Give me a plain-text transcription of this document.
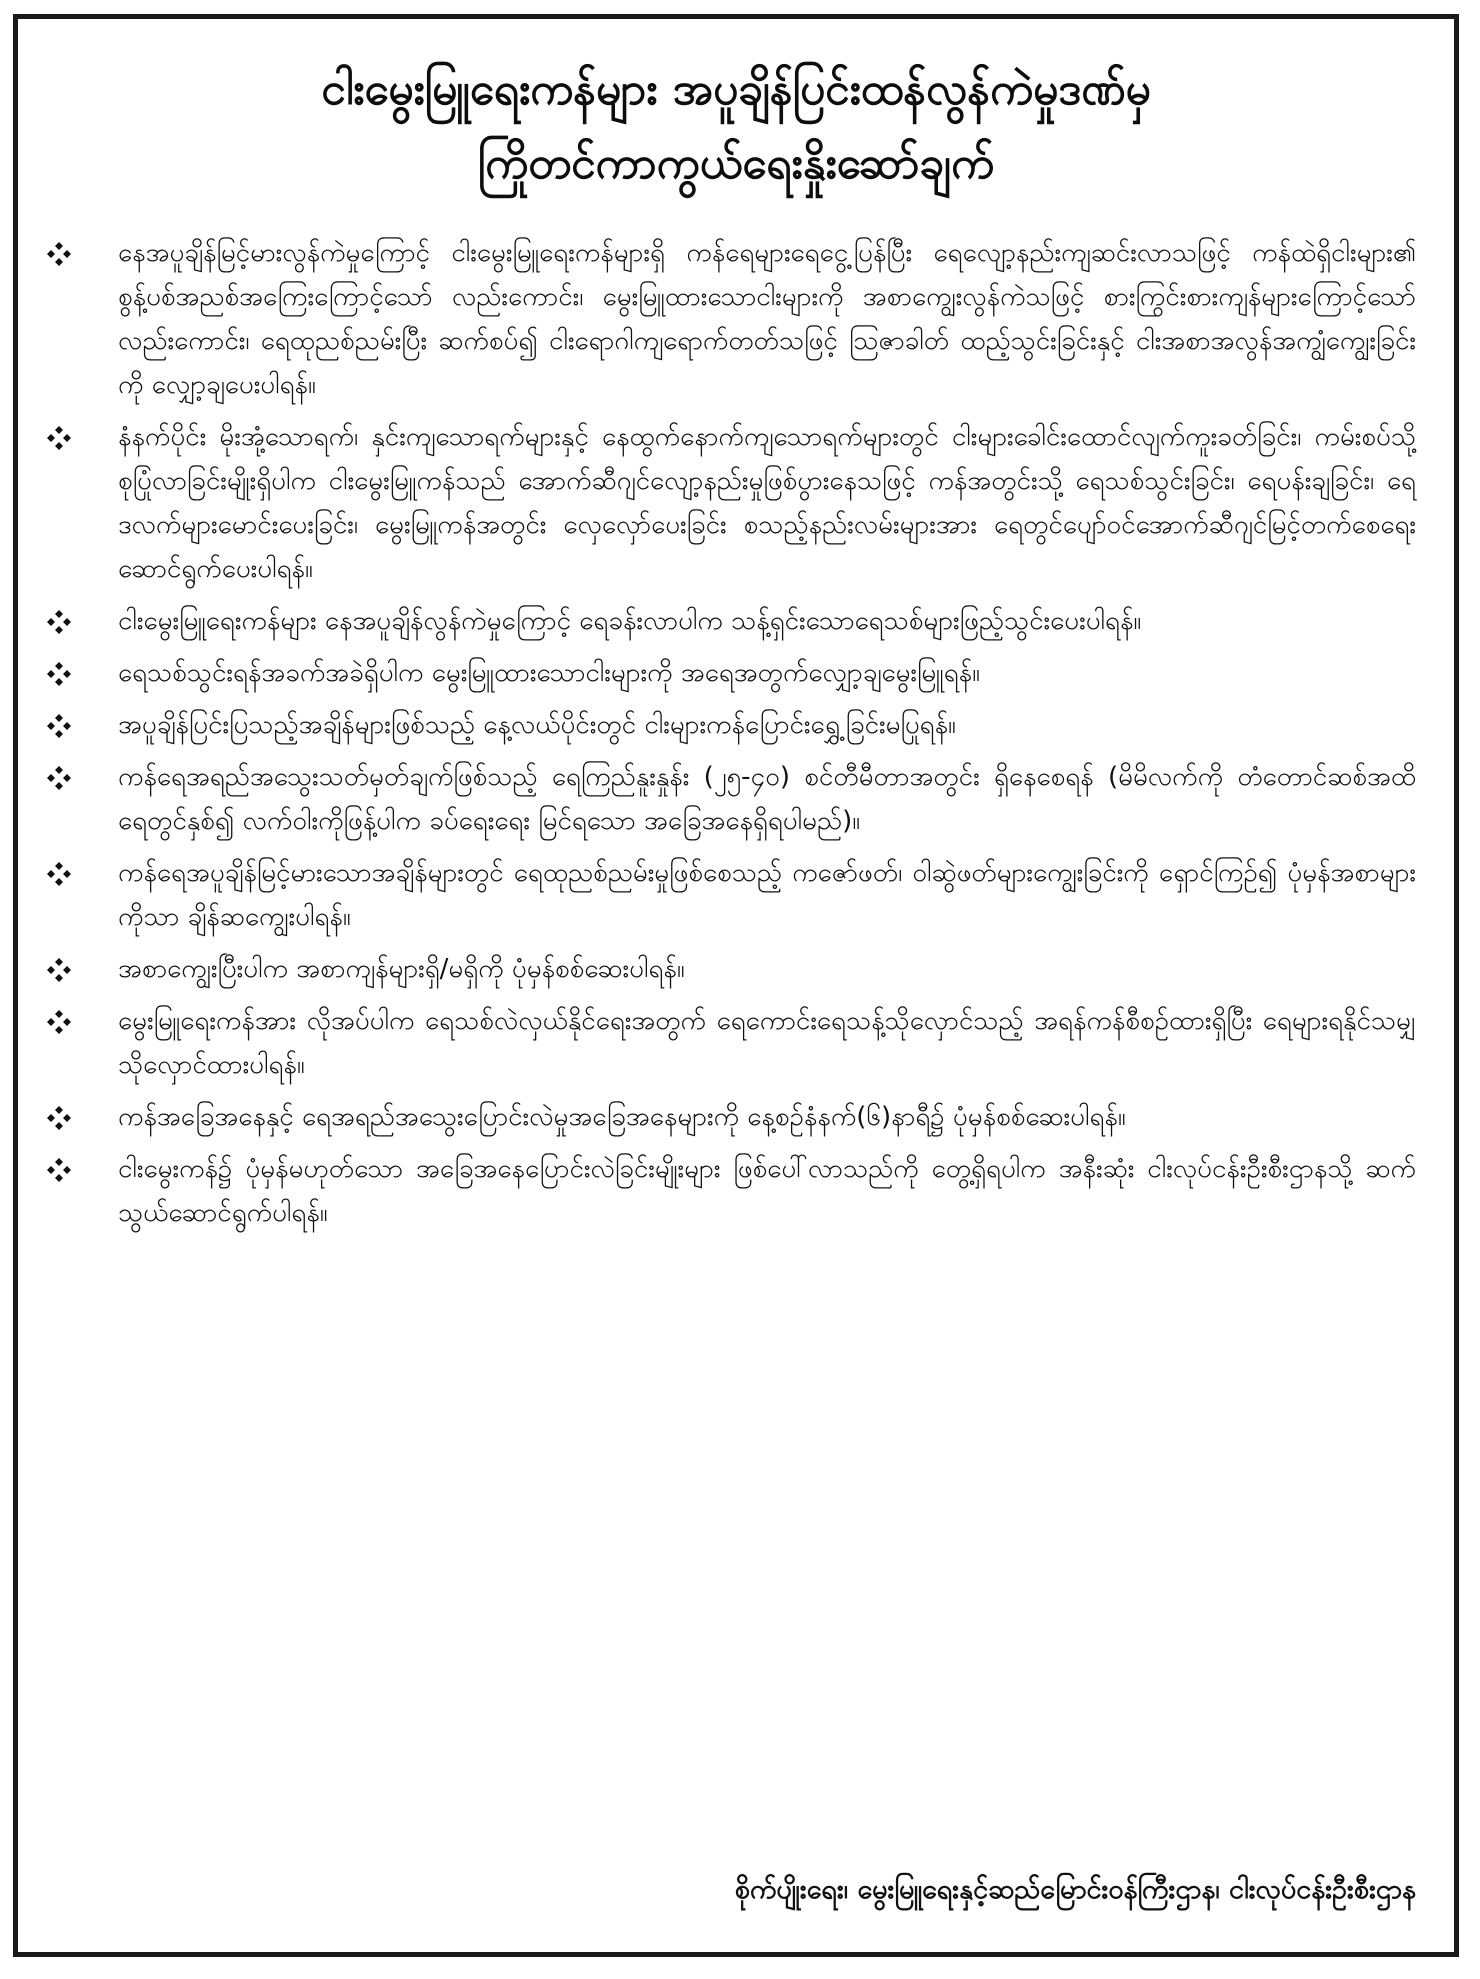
ငါးမွေးမြူရေးကန်များ အပူချိန်ပြင်းထန်လွန်ကဲမှုဒဏ်မှ
ကြိုတင်ကာကွယ်ရေးနှိုးဆော်ချက်
နေအပူချိန်မြင့်မားလွန်ကဲမှုကြောင့် ငါးမွေးမြူရေးကန်များရှိ ကန်ရေများရေငွေ့ပြန်ပြီး ရေလျော့နည်းကျဆင်းလာသဖြင့် ကန်ထဲရှိငါးများ၏ စွန့်ပစ်အညစ်အကြေးကြောင့်သော် လည်းကောင်း၊ မွေးမြူထားသောငါးများကို အစာကျွေးလွန်ကဲသဖြင့် စားကြွင်းစားကျန်များကြောင့်သော် လည်းကောင်း၊ ရေထုညစ်ညမ်းပြီး ဆက်စပ်၍ ငါးရောဂါကျရောက်တတ်သဖြင့် ဩဇာခါတ် ထည့်သွင်းခြင်းနှင့် ငါးအစာအလွန်အကျွံကျွေးခြင်းကို လျှော့ချပေးပါရန်။
နံနက်ပိုင်း မိုးအုံ့သောရက်၊ နှင်းကျသောရက်များနှင့် နေထွက်နောက်ကျသောရက်များတွင် ငါးများခေါင်းထောင်လျက်ကူးခတ်ခြင်း၊ ကမ်းစပ်သို့ စုပြုံလာခြင်းမျိုးရှိပါက ငါးမွေးမြူကန်သည် အောက်ဆီဂျင်လျော့နည်းမှုဖြစ်ပွားနေသဖြင့် ကန်အတွင်းသို့ ရေသစ်သွင်းခြင်း၊ ရေပန်းချခြင်း၊ ရေဒလက်များမောင်းပေးခြင်း၊ မွေးမြူကန်အတွင်း လှေလှော်ပေးခြင်း စသည့်နည်းလမ်းများအား ရေတွင်ပျော်ဝင်အောက်ဆီဂျင်မြင့်တက်စေရေး ဆောင်ရွက်ပေးပါရန်။
ငါးမွေးမြူရေးကန်များ နေအပူချိန်လွန်ကဲမှုကြောင့် ရေခန်းလာပါက သန့်ရှင်းသောရေသစ်များဖြည့်သွင်းပေးပါရန်။
ရေသစ်သွင်းရန်အခက်အခဲရှိပါက မွေးမြူထားသောငါးများကို အရေအတွက်လျှော့ချမွေးမြူရန်။
အပူချိန်ပြင်းပြသည့်အချိန်များဖြစ်သည့် နေ့လယ်ပိုင်းတွင် ငါးများကန်ပြောင်းရွှေ့ခြင်းမပြုရန်။
ကန်ရေအရည်အသွေးသတ်မှတ်ချက်ဖြစ်သည့် ရေကြည်နူးနှုန်း (၂၅-၄၀) စင်တီမီတာအတွင်း ရှိနေစေရန် (မိမိလက်ကို တံတောင်ဆစ်အထိ ရေတွင်နှစ်၍ လက်ဝါးကိုဖြန့်ပါက ခပ်ရေးရေး မြင်ရသော အခြေအနေရှိရပါမည်)။
ကန်ရေအပူချိန်မြင့်မားသောအချိန်များတွင် ရေထုညစ်ညမ်းမှုဖြစ်စေသည့် ကဇော်ဖတ်၊ ဝါဆွဲဖတ်များကျွေးခြင်းကို ရှောင်ကြဉ်၍ ပုံမှန်အစာများကိုသာ ချိန်ဆကျွေးပါရန်။
အစာကျွေးပြီးပါက အစာကျန်များရှိ/မရှိကို ပုံမှန်စစ်ဆေးပါရန်။
မွေးမြူရေးကန်အား လိုအပ်ပါက ရေသစ်လဲလှယ်နိုင်ရေးအတွက် ရေကောင်းရေသန့်သိုလှောင်သည့် အရန်ကန်စီစဉ်ထားရှိပြီး ရေများရနိုင်သမျှ သိုလှောင်ထားပါရန်။
ကန်အခြေအနေနှင့် ရေအရည်အသွေးပြောင်းလဲမှုအခြေအနေများကို နေ့စဉ်နံနက်(၆)နာရီ၌ ပုံမှန်စစ်ဆေးပါရန်။
ငါးမွေးကန်၌ ပုံမှန်မဟုတ်သော အခြေအနေပြောင်းလဲခြင်းမျိုးများ ဖြစ်ပေါ်လာသည်ကို တွေ့ရှိရပါက အနီးဆုံး ငါးလုပ်ငန်းဦးစီးဌာနသို့ ဆက်သွယ်ဆောင်ရွက်ပါရန်။
စိုက်ပျိုးရေး၊ မွေးမြူရေးနှင့်ဆည်မြောင်းဝန်ကြီးဌာန၊ ငါးလုပ်ငန်းဦးစီးဌာန
